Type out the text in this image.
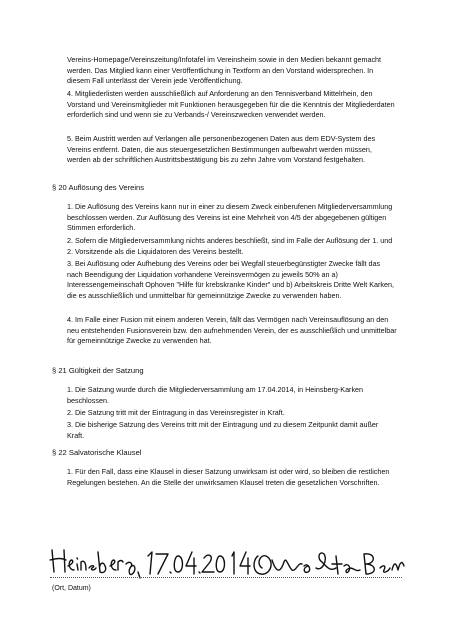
Vereins-Homepage/Vereinszeitung/Infotafel im Vereinsheim sowie in den Medien bekannt gemacht werden. Das Mitglied kann einer Veröffentlichung in Textform an den Vorstand widersprechen. In diesem Fall unterlässt der Verein jede Veröffentlichung.

4. Mitgliederlisten werden ausschließlich auf Anforderung an den Tennisverband Mittelrhein, den Vorstand und Vereinsmitglieder mit Funktionen herausgegeben für die die Kenntnis der Mitgliederdaten erforderlich sind und wenn sie zu Verbands-/ Vereinszwecken verwendet werden.

5. Beim Austritt werden auf Verlangen alle personenbezogenen Daten aus dem EDV-System des Vereins entfernt. Daten, die aus steuergesetzlichen Bestimmungen aufbewahrt werden müssen, werden ab der schriftlichen Austrittsbestätigung bis zu zehn Jahre vom Vorstand festgehalten.

§ 20 Auflösung des Vereins

1. Die Auflösung des Vereins kann nur in einer zu diesem Zweck einberufenen Mitgliederversammlung beschlossen werden. Zur Auflösung des Vereins ist eine Mehrheit von 4/5 der abgegebenen gültigen Stimmen erforderlich.

2. Sofern die Mitgliederversammlung nichts anderes beschließt, sind im Falle der Auflösung der 1. und 2. Vorsitzende als die Liquidatoren des Vereins bestellt.

3. Bei Auflösung oder Aufhebung des Vereins oder bei Wegfall steuerbegünstigter Zwecke fällt das nach Beendigung der Liquidation vorhandene Vereinsvermögen zu jeweils 50% an a) Interessengemeinschaft Ophoven "Hilfe für krebskranke Kinder" und b) Arbeitskreis Dritte Welt Karken, die es ausschließlich und unmittelbar für gemeinnützige Zwecke zu verwenden haben.

4. Im Falle einer Fusion mit einem anderen Verein, fällt das Vermögen nach Vereinsauflösung an den neu entstehenden Fusionsverein bzw. den aufnehmenden Verein, der es ausschließlich und unmittelbar für gemeinnützige Zwecke zu verwenden hat.

§ 21 Gültigkeit der Satzung

1. Die Satzung wurde durch die Mitgliederversammlung am 17.04.2014, in Heinsberg-Karken beschlossen.

2. Die Satzung tritt mit der Eintragung in das Vereinsregister in Kraft.

3. Die bisherige Satzung des Vereins tritt mit der Eintragung und zu diesem Zeitpunkt damit außer Kraft.

§ 22 Salvatorische Klausel

1. Für den Fall, dass eine Klausel in dieser Satzung unwirksam ist oder wird, so bleiben die restlichen Regelungen bestehen. An die Stelle der unwirksamen Klausel treten die gesetzlichen Vorschriften.

(Ort, Datum)
